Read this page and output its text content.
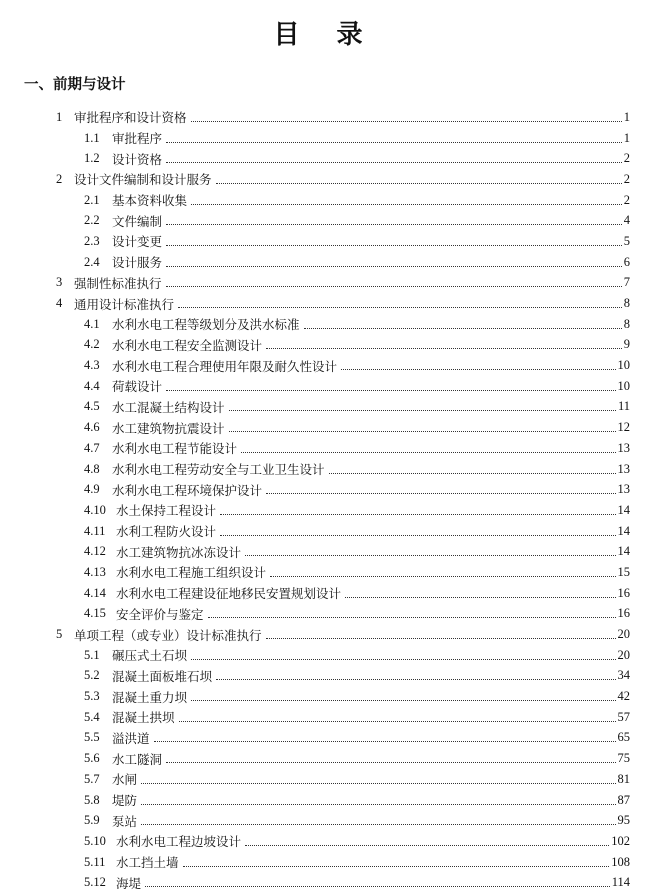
目 录
一、前期与设计
1 审批程序和设计资格	1
1.1 审批程序	1
1.2 设计资格	2
2 设计文件编制和设计服务	2
2.1 基本资料收集	2
2.2 文件编制	4
2.3 设计变更	5
2.4 设计服务	6
3 强制性标准执行	7
4 通用设计标准执行	8
4.1 水利水电工程等级划分及洪水标准	8
4.2 水利水电工程安全监测设计	9
4.3 水利水电工程合理使用年限及耐久性设计	10
4.4 荷载设计	10
4.5 水工混凝土结构设计	11
4.6 水工建筑物抗震设计	12
4.7 水利水电工程节能设计	13
4.8 水利水电工程劳动安全与工业卫生设计	13
4.9 水利水电工程环境保护设计	13
4.10 水土保持工程设计	14
4.11 水利工程防火设计	14
4.12 水工建筑物抗冰冻设计	14
4.13 水利水电工程施工组织设计	15
4.14 水利水电工程建设征地移民安置规划设计	16
4.15 安全评价与鉴定	16
5 单项工程（或专业）设计标准执行	20
5.1 碾压式土石坝	20
5.2 混凝土面板堆石坝	34
5.3 混凝土重力坝	42
5.4 混凝土拱坝	57
5.5 溢洪道	65
5.6 水工隧洞	75
5.7 水闸	81
5.8 堤防	87
5.9 泵站	95
5.10 水利水电工程边坡设计	102
5.11 水工挡土墙	108
5.12 海堤	114
